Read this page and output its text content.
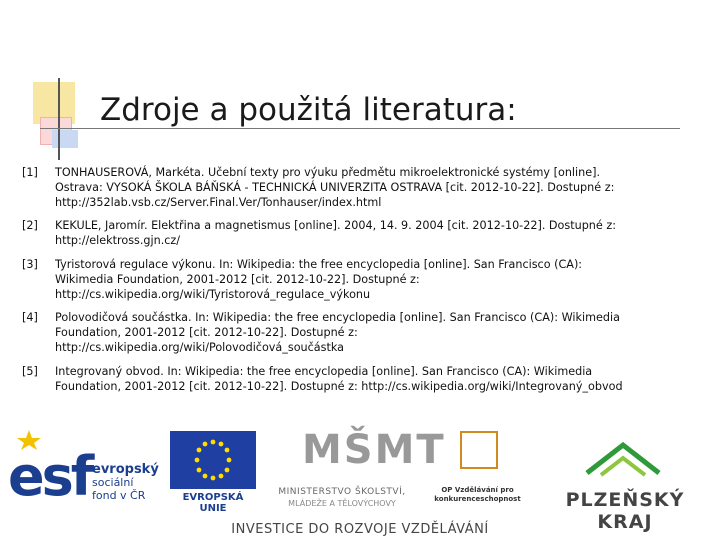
Zdroje a použitá literatura:
[1]	TONHAUSEROVÁ, Markéta. Učební texty pro výuku předmětu mikroelektronické systémy [online].
Ostrava: VYSOKÁ ŠKOLA BÁŇSKÁ - TECHNICKÁ UNIVERZITA OSTRAVA [cit. 2012-10-22]. Dostupné z:
http://352lab.vsb.cz/Server.Final.Ver/Tonhauser/index.html
[2]	KEKULE, Jaromír. Elektřina a magnetismus [online]. 2004, 14. 9. 2004 [cit. 2012-10-22]. Dostupné z:
http://elektross.gjn.cz/
[3]	Tyristorová regulace výkonu. In: Wikipedia: the free encyclopedia [online]. San Francisco (CA):
Wikimedia Foundation, 2001-2012 [cit. 2012-10-22]. Dostupné z:
http://cs.wikipedia.org/wiki/Tyristorová_regulace_výkonu
[4]	Polovodičová součástka. In: Wikipedia: the free encyclopedia [online]. San Francisco (CA): Wikimedia
Foundation, 2001-2012 [cit. 2012-10-22]. Dostupné z:
http://cs.wikipedia.org/wiki/Polovodičová_součástka
[5]	Integrovaný obvod. In: Wikipedia: the free encyclopedia [online]. San Francisco (CA): Wikimedia
Foundation, 2001-2012 [cit. 2012-10-22]. Dostupné z: http://cs.wikipedia.org/wiki/Integrovaný_obvod
esf evropský
sociální
fond v ČR	EVROPSKÁ UNIE
MŠMT
MINISTERSTVO ŠKOLSTVÍ,
MLÁDEŽE A TĚLOVÝCHOVY
OP Vzdělávání pro konkurenceschopnost	PLZEŇSKÝ KRAJ
INVESTICE DO ROZVOJE VZDĚLÁVÁNÍ
